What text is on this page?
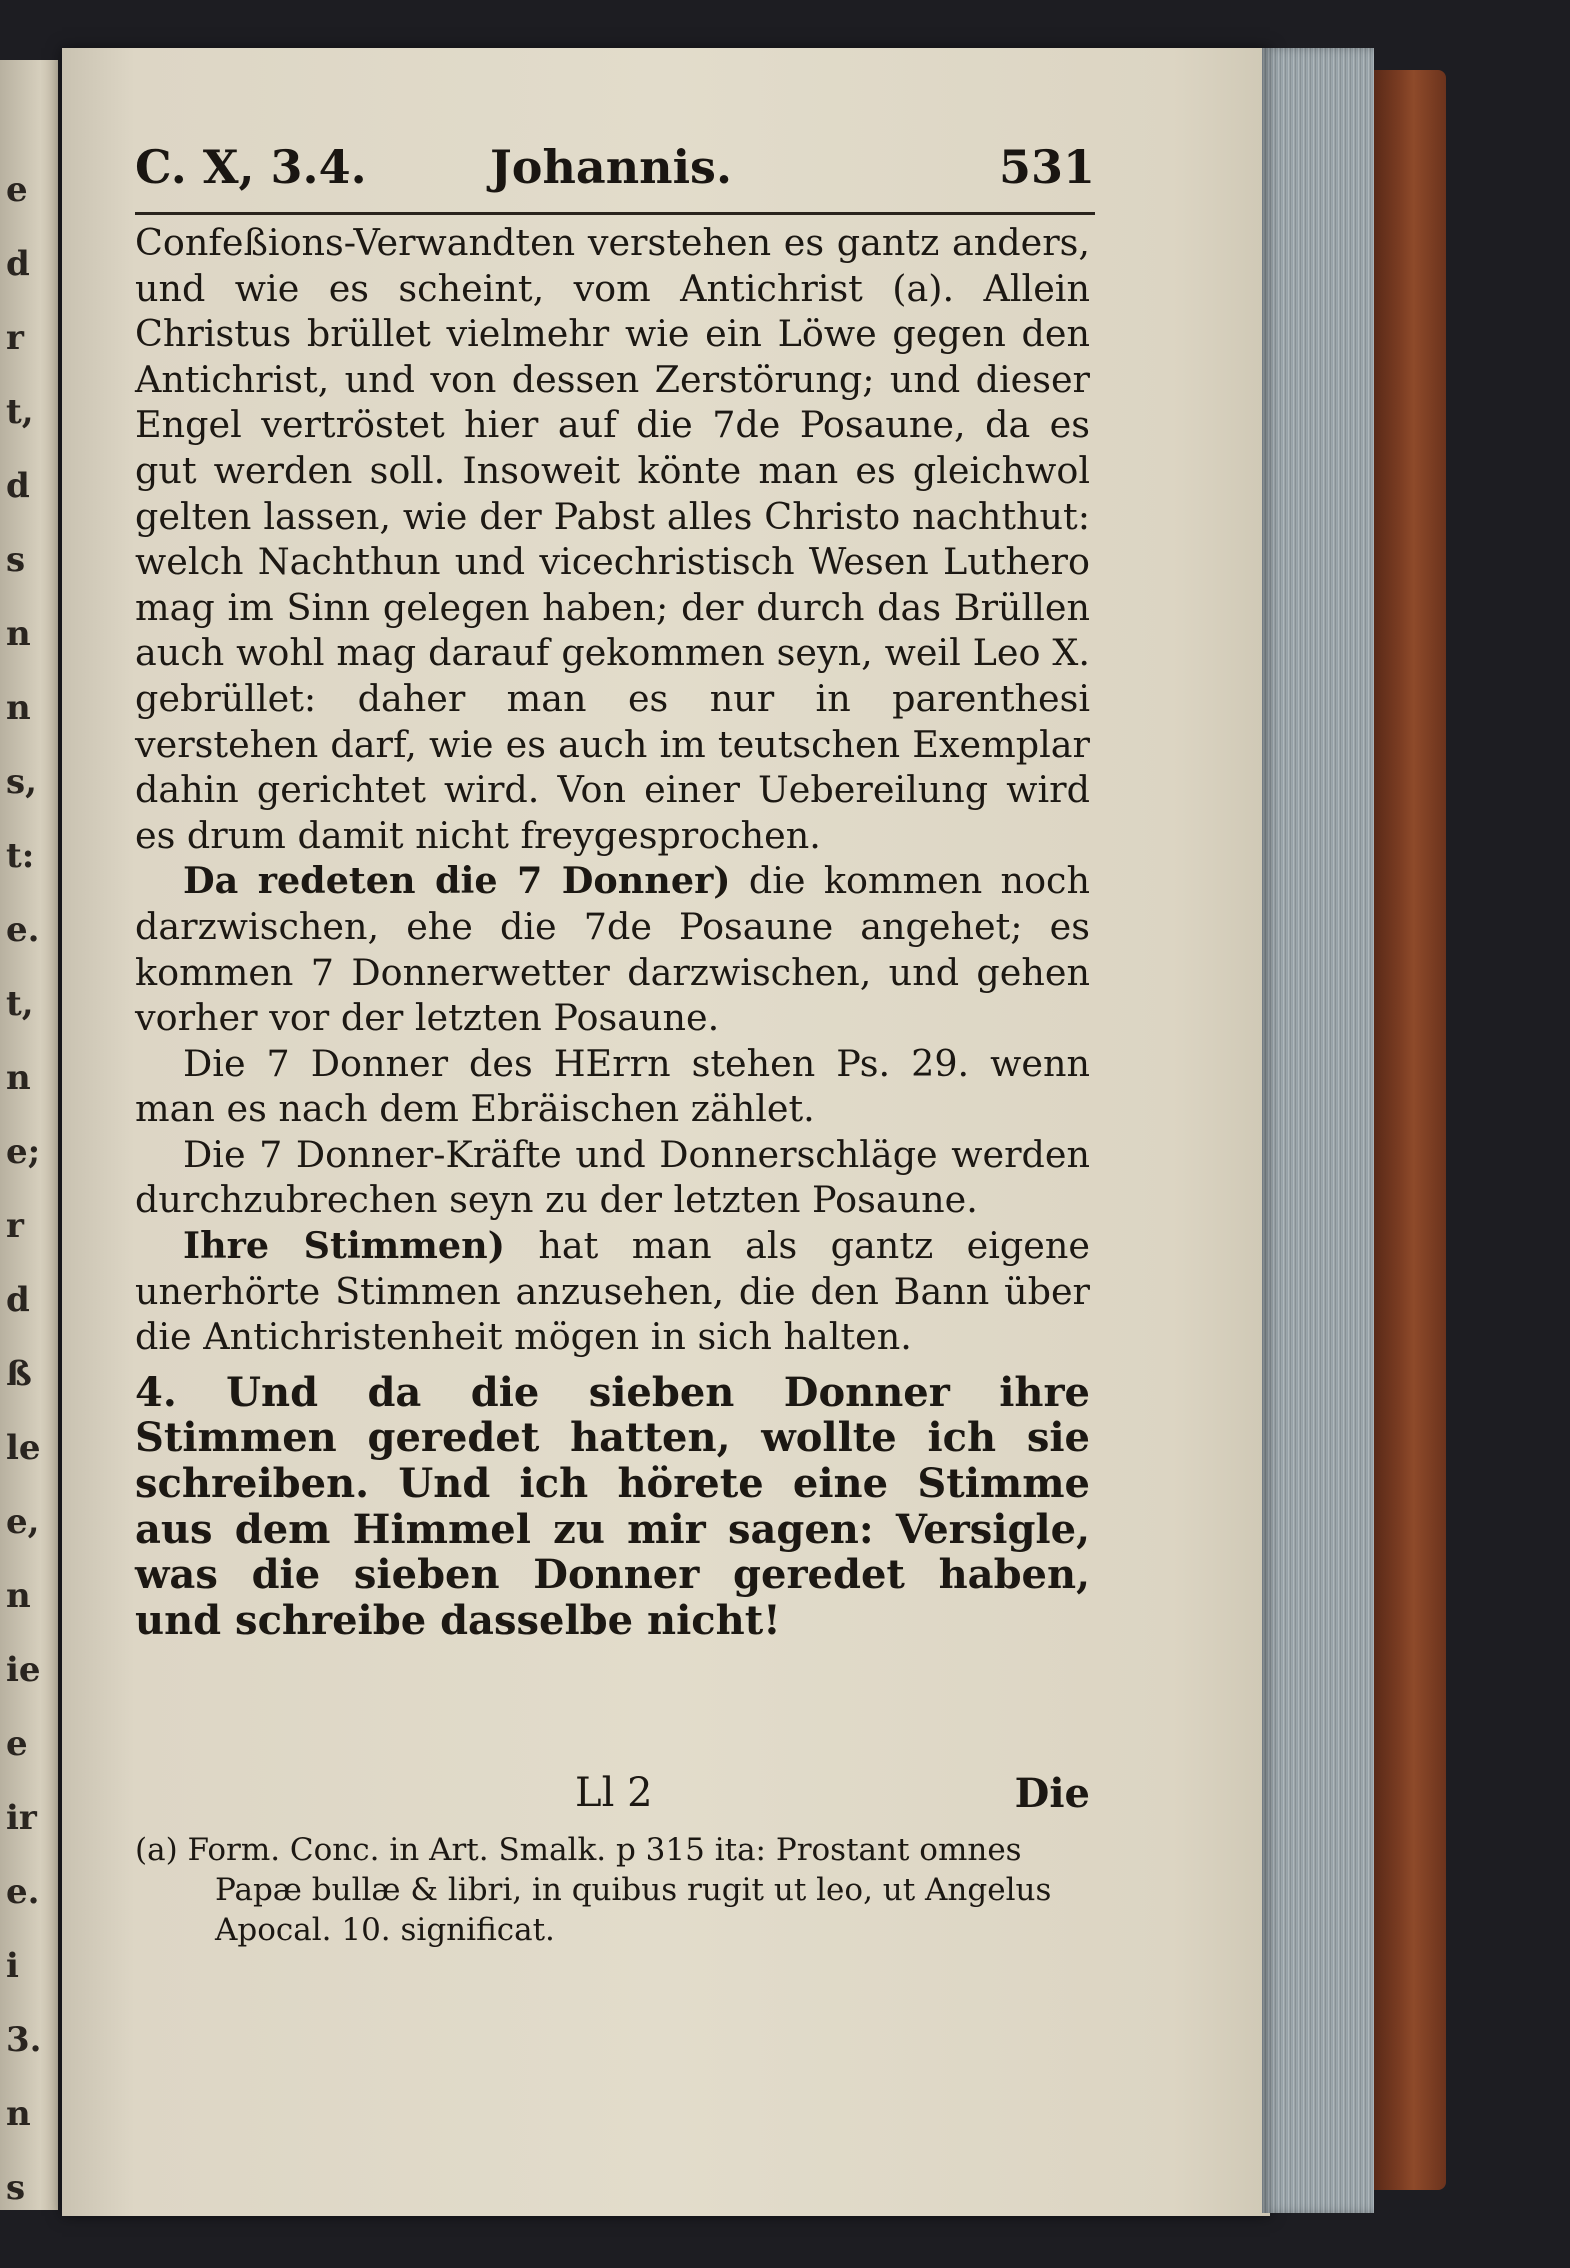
e
d
r
t,
d
s
n
n
s,
t:
e.
t,
n
e;
r
d
ß
le
e,
n
ie
e
ir
e.
i
3.
n
s
C. X, 3.4.	Johannis.	531

Confeßions-Verwandten verstehen es gantz anders, und wie es scheint, vom Antichrist (a). Allein Christus brüllet vielmehr wie ein Löwe gegen den Antichrist, und von dessen Zerstörung; und dieser Engel vertröstet hier auf die 7de Posaune, da es gut werden soll. Insoweit könte man es gleichwol gelten lassen, wie der Pabst alles Christo nachthut: welch Nachthun und vicechristisch Wesen Luthero mag im Sinn gelegen haben; der durch das Brüllen auch wohl mag darauf gekommen seyn, weil Leo X. gebrüllet: daher man es nur in parenthesi verstehen darf, wie es auch im teutschen Exemplar dahin gerichtet wird. Von einer Uebereilung wird es drum damit nicht freygesprochen.

Da redeten die 7 Donner) die kommen noch darzwischen, ehe die 7de Posaune angehet; es kommen 7 Donnerwetter darzwischen, und gehen vorher vor der letzten Posaune.

Die 7 Donner des HErrn stehen Ps. 29. wenn man es nach dem Ebräischen zählet.

Die 7 Donner-Kräfte und Donnerschläge werden durchzubrechen seyn zu der letzten Posaune.

Ihre Stimmen) hat man als gantz eigene unerhörte Stimmen anzusehen, die den Bann über die Antichristenheit mögen in sich halten.

4. Und da die sieben Donner ihre Stimmen geredet hatten, wollte ich sie schreiben. Und ich hörete eine Stimme aus dem Himmel zu mir sagen: Versigle, was die sieben Donner geredet haben, und schreibe dasselbe nicht!

Ll 2	Die

(a) Form. Conc. in Art. Smalk. p 315 ita: Prostant omnes Papæ bullæ & libri, in quibus rugit ut leo, ut Angelus Apocal. 10. significat.
